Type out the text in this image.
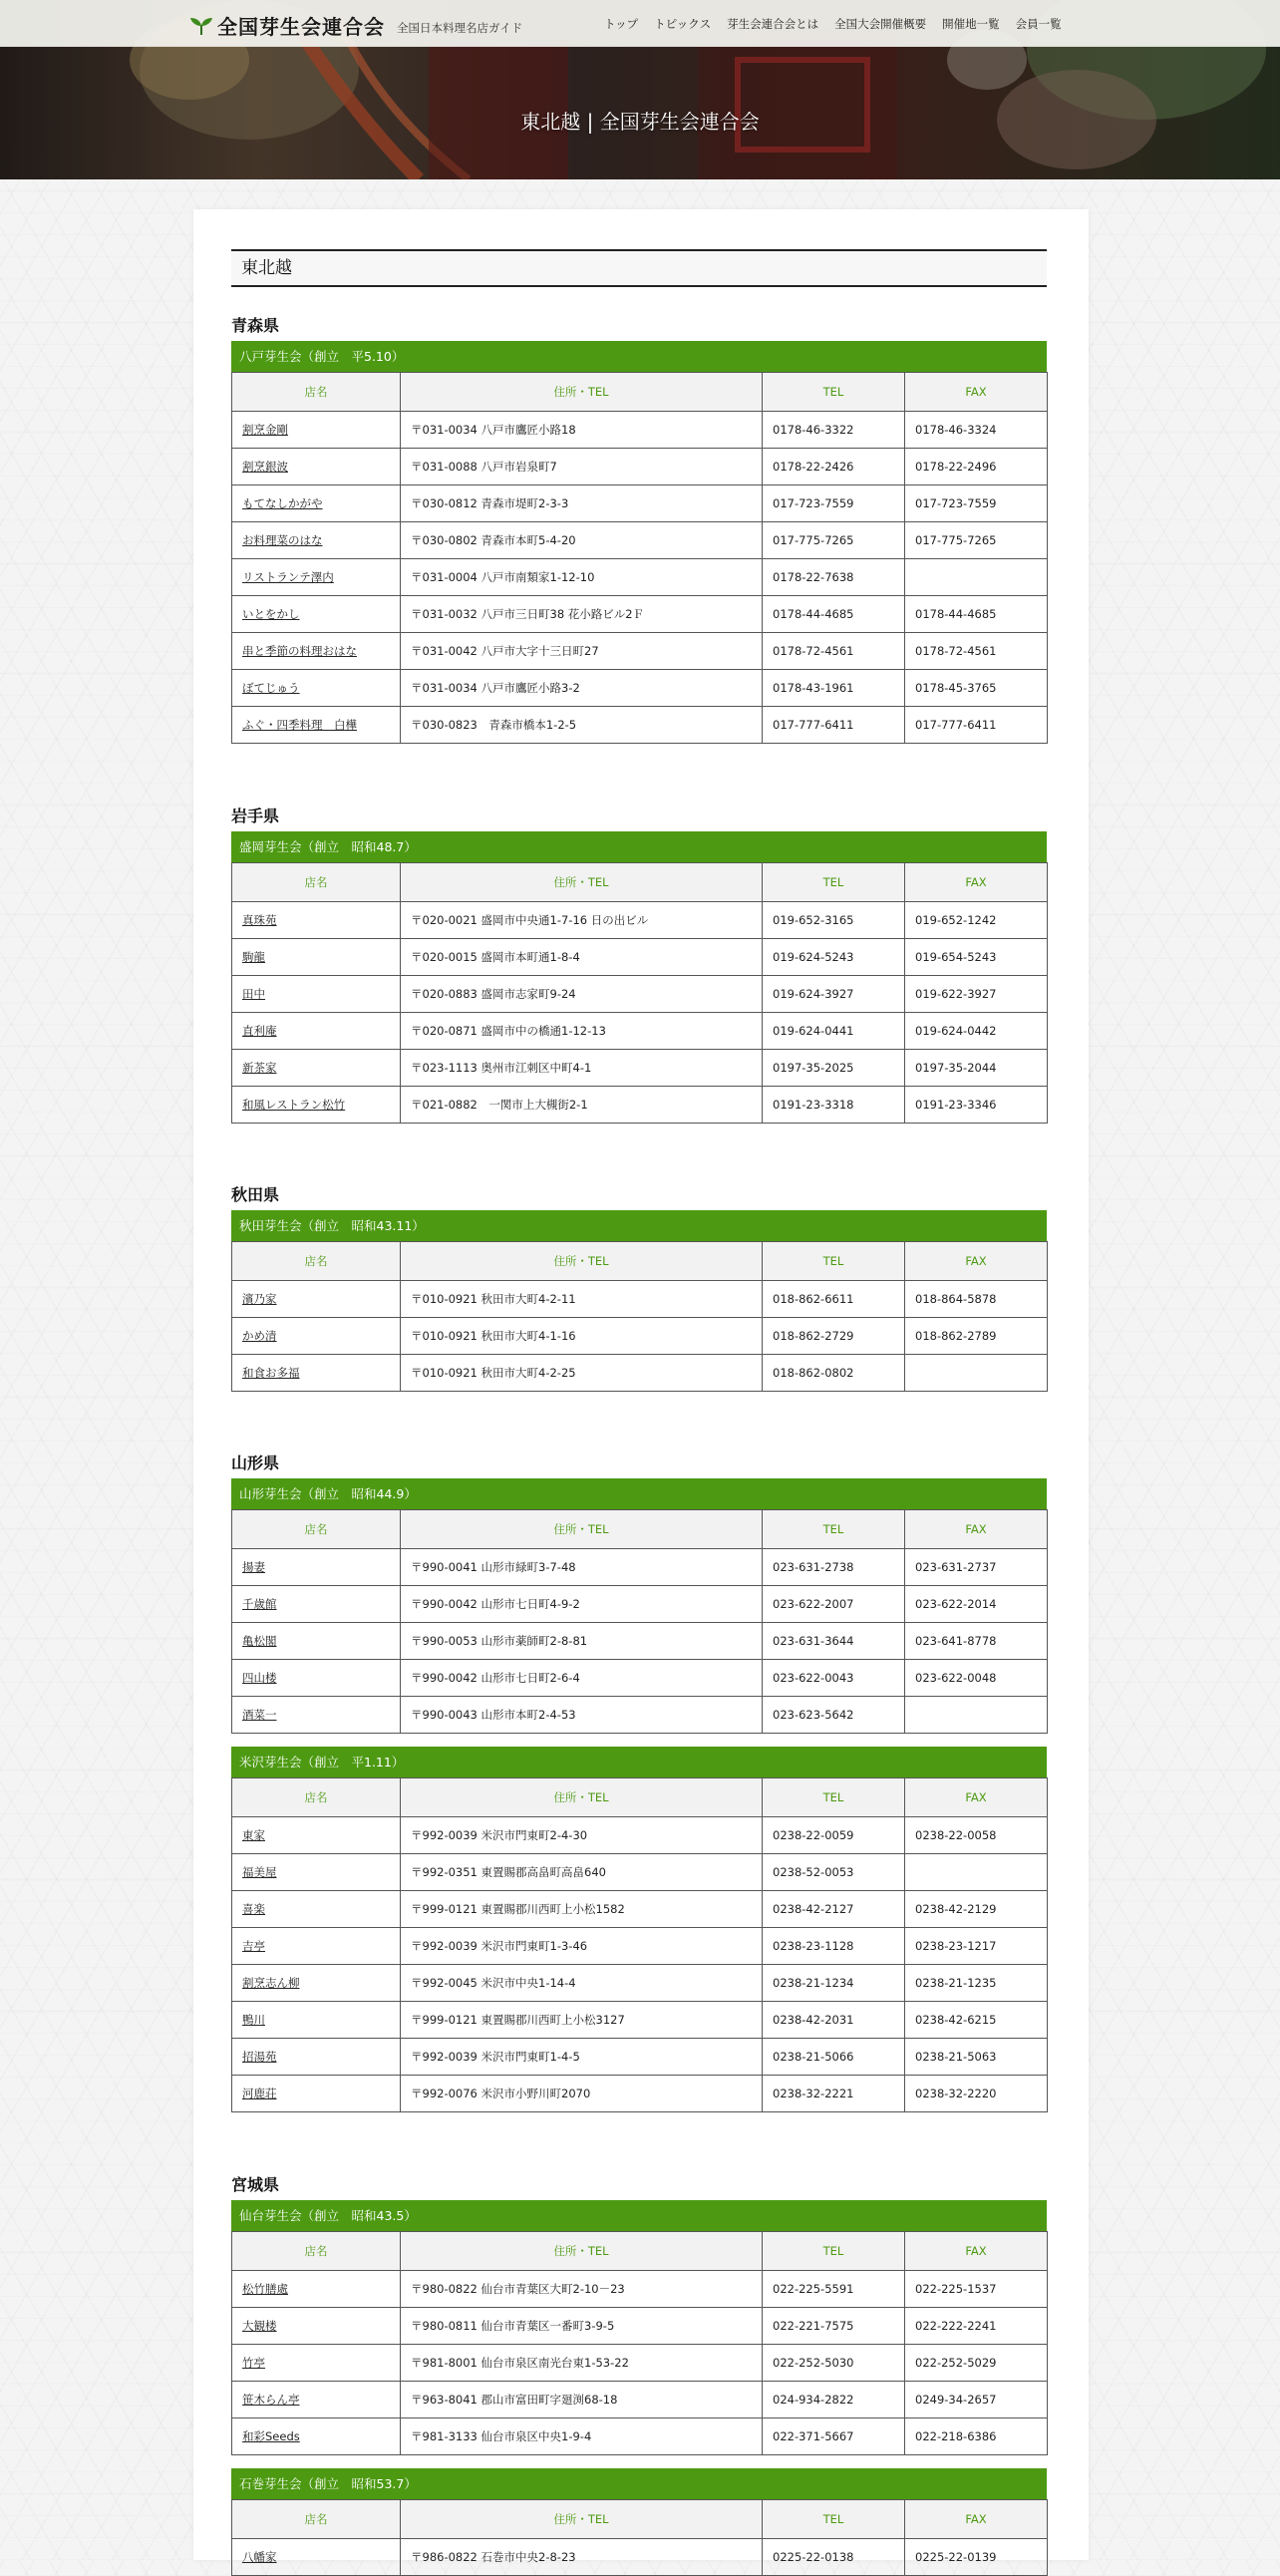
東北越 | 全国芽生会連合会
全国芽生会連合会 全国日本料理名店ガイド	トップ トピックス 芽生会連合会とは 全国大会開催概要 開催地一覧 会員一覧
東北越
青森県
八戸芽生会（創立　平5.10）
店名	住所・TEL	TEL	FAX
割烹金剛	〒031-0034 八戸市鷹匠小路18	0178-46-3322	0178-46-3324
割烹銀波	〒031-0088 八戸市岩泉町7	0178-22-2426	0178-22-2496
もてなしかがや	〒030-0812 青森市堤町2-3-3	017-723-7559	017-723-7559
お料理菜のはな	〒030-0802 青森市本町5-4-20	017-775-7265	017-775-7265
リストランテ澤内	〒031-0004 八戸市南類家1-12-10	0178-22-7638	
いとをかし	〒031-0032 八戸市三日町38 花小路ビル2Ｆ	0178-44-4685	0178-44-4685
串と季節の料理おはな	〒031-0042 八戸市大字十三日町27	0178-72-4561	0178-72-4561
ぼてじゅう	〒031-0034 八戸市鷹匠小路3-2	0178-43-1961	0178-45-3765
ふぐ・四季料理　白樺	〒030-0823　青森市橋本1-2-5	017-777-6411	017-777-6411
岩手県
盛岡芽生会（創立　昭和48.7）
店名	住所・TEL	TEL	FAX
真珠苑	〒020-0021 盛岡市中央通1-7-16 日の出ビル	019-652-3165	019-652-1242
駒龍	〒020-0015 盛岡市本町通1-8-4	019-624-5243	019-654-5243
田中	〒020-0883 盛岡市志家町9-24	019-624-3927	019-622-3927
直利庵	〒020-0871 盛岡市中の橋通1-12-13	019-624-0441	019-624-0442
新茶家	〒023-1113 奥州市江刺区中町4-1	0197-35-2025	0197-35-2044
和風レストラン松竹	〒021-0882　一関市上大槻街2-1	0191-23-3318	0191-23-3346
秋田県
秋田芽生会（創立　昭和43.11）
店名	住所・TEL	TEL	FAX
濱乃家	〒010-0921 秋田市大町4-2-11	018-862-6611	018-864-5878
かめ清	〒010-0921 秋田市大町4-1-16	018-862-2729	018-862-2789
和食お多福	〒010-0921 秋田市大町4-2-25	018-862-0802	
山形県
山形芽生会（創立　昭和44.9）
店名	住所・TEL	TEL	FAX
揚妻	〒990-0041 山形市緑町3-7-48	023-631-2738	023-631-2737
千歳館	〒990-0042 山形市七日町4-9-2	023-622-2007	023-622-2014
亀松閣	〒990-0053 山形市薬師町2-8-81	023-631-3644	023-641-8778
四山楼	〒990-0042 山形市七日町2-6-4	023-622-0043	023-622-0048
酒菜一	〒990-0043 山形市本町2-4-53	023-623-5642	
米沢芽生会（創立　平1.11）
店名	住所・TEL	TEL	FAX
東家	〒992-0039 米沢市門東町2-4-30	0238-22-0059	0238-22-0058
福美屋	〒992-0351 東置賜郡高畠町高畠640	0238-52-0053	
喜楽	〒999-0121 東置賜郡川西町上小松1582	0238-42-2127	0238-42-2129
吉亭	〒992-0039 米沢市門東町1-3-46	0238-23-1128	0238-23-1217
割烹志ん柳	〒992-0045 米沢市中央1-14-4	0238-21-1234	0238-21-1235
鴨川	〒999-0121 東置賜郡川西町上小松3127	0238-42-2031	0238-42-6215
招湯苑	〒992-0039 米沢市門東町1-4-5	0238-21-5066	0238-21-5063
河鹿荘	〒992-0076 米沢市小野川町2070	0238-32-2221	0238-32-2220
宮城県
仙台芽生会（創立　昭和43.5）
店名	住所・TEL	TEL	FAX
松竹膳處	〒980-0822 仙台市青葉区大町2-10－23	022-225-5591	022-225-1537
大観楼	〒980-0811 仙台市青葉区一番町3-9-5	022-221-7575	022-222-2241
竹亭	〒981-8001 仙台市泉区南光台東1-53-22	022-252-5030	022-252-5029
笹木らん亭	〒963-8041 郡山市富田町字廻渕68-18	024-934-2822	0249-34-2657
和彩Seeds	〒981-3133 仙台市泉区中央1-9-4	022-371-5667	022-218-6386
石巻芽生会（創立　昭和53.7）
店名	住所・TEL	TEL	FAX
八幡家	〒986-0822 石巻市中央2-8-23	0225-22-0138	0225-22-0139
